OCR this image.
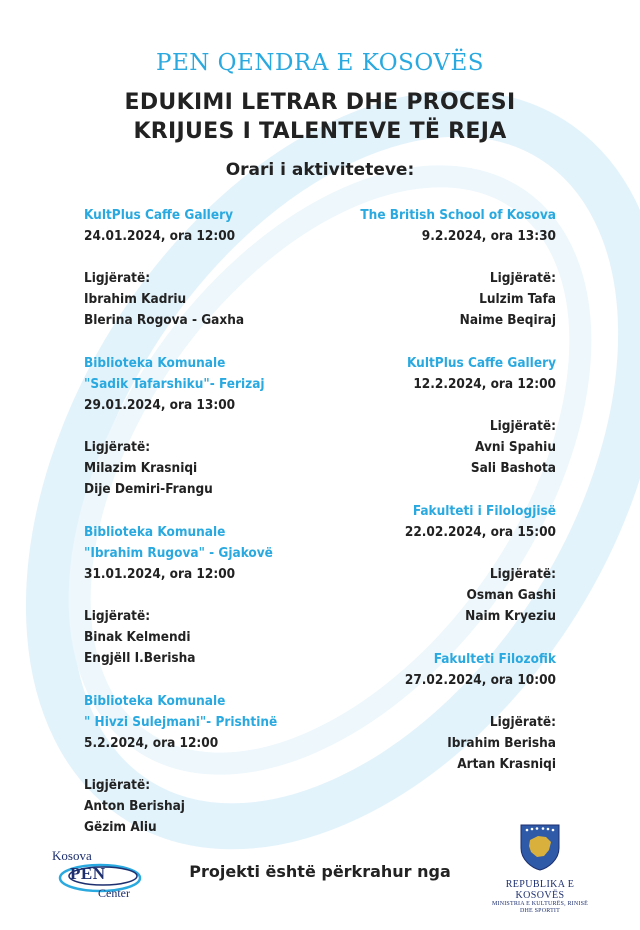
PEN QENDRA E KOSOVËS
EDUKIMI LETRAR DHE PROCESI
KRIJUES I TALENTEVE TË REJA
Orari i aktiviteteve:
KultPlus Caffe Gallery
24.01.2024, ora 12:00
Ligjëratë:
Ibrahim Kadriu
Blerina Rogova - Gaxha
Biblioteka Komunale
"Sadik Tafarshiku"- Ferizaj
29.01.2024, ora 13:00
Ligjëratë:
Milazim Krasniqi
Dije Demiri-Frangu
Biblioteka Komunale
"Ibrahim Rugova" - Gjakovë
31.01.2024, ora 12:00
Ligjëratë:
Binak Kelmendi
Engjëll I.Berisha
Biblioteka Komunale
" Hivzi Sulejmani"- Prishtinë
5.2.2024, ora 12:00
Ligjëratë:
Anton Berishaj
Gëzim Aliu
The British School of Kosova
9.2.2024, ora 13:30
Ligjëratë:
Lulzim Tafa
Naime Beqiraj
KultPlus Caffe Gallery
12.2.2024, ora 12:00
Ligjëratë:
Avni Spahiu
Sali Bashota
Fakulteti i Filologjisë
22.02.2024, ora 15:00
Ligjëratë:
Osman Gashi
Naim Kryeziu
Fakulteti Filozofik
27.02.2024, ora 10:00
Ligjëratë:
Ibrahim Berisha
Artan Krasniqi
Kosova
PEN
Center
Projekti është përkrahur nga
REPUBLIKA E KOSOVËS
MINISTRIA E KULTURËS, RINISË
DHE SPORTIT
